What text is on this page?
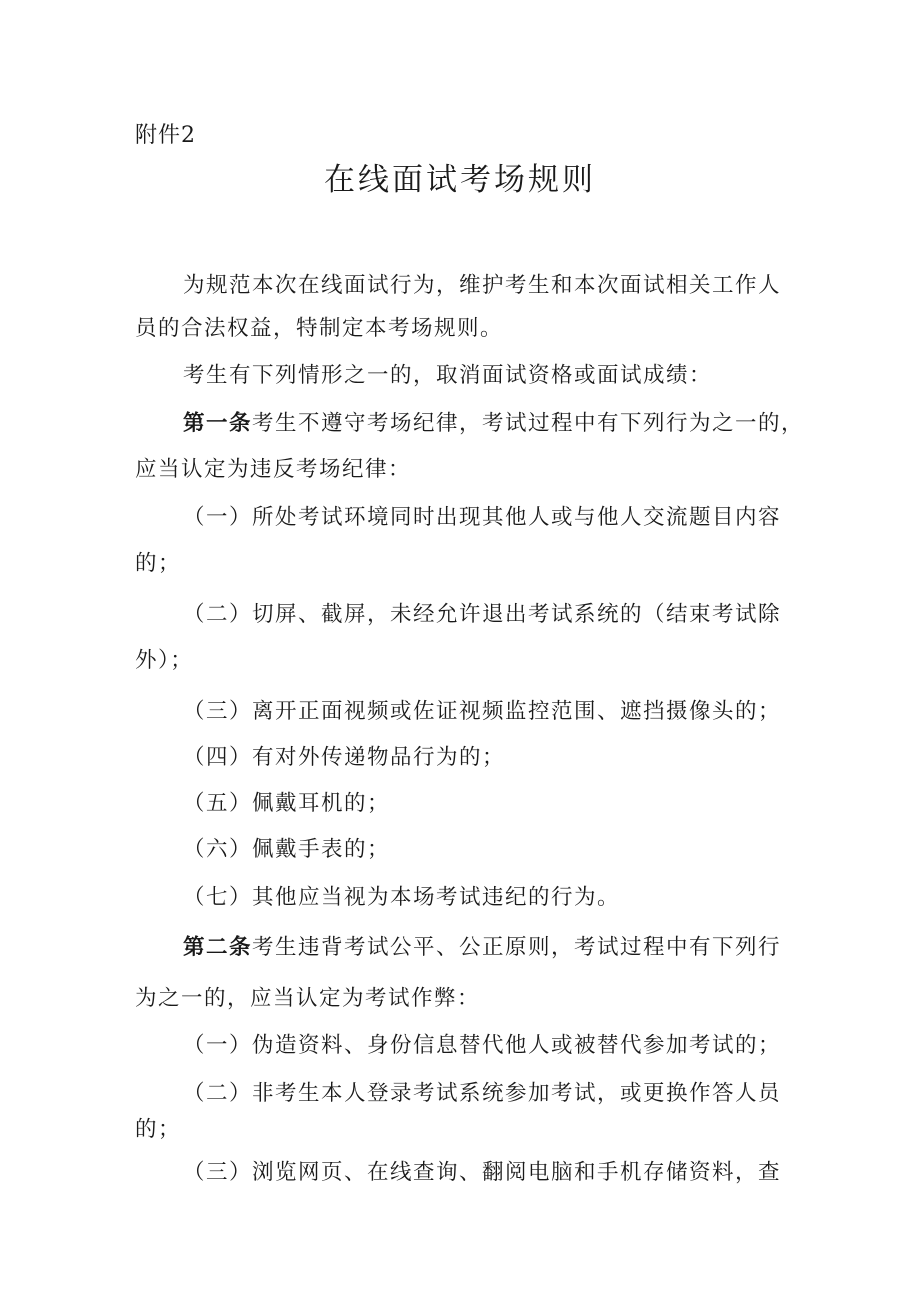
附件2
在线面试考场规则
为规范本次在线面试行为，维护考生和本次面试相关工作人
员的合法权益，特制定本考场规则。
考生有下列情形之一的，取消面试资格或面试成绩：
第一条考生不遵守考场纪律，考试过程中有下列行为之一的，
应当认定为违反考场纪律：
（一）所处考试环境同时出现其他人或与他人交流题目内容
的；
（二）切屏、截屏，未经允许退出考试系统的（结束考试除
外）；
（三）离开正面视频或佐证视频监控范围、遮挡摄像头的；
（四）有对外传递物品行为的；
（五）佩戴耳机的；
（六）佩戴手表的；
（七）其他应当视为本场考试违纪的行为。
第二条考生违背考试公平、公正原则，考试过程中有下列行
为之一的，应当认定为考试作弊：
（一）伪造资料、身份信息替代他人或被替代参加考试的；
（二）非考生本人登录考试系统参加考试，或更换作答人员
的；
（三）浏览网页、在线查询、翻阅电脑和手机存储资料，查
